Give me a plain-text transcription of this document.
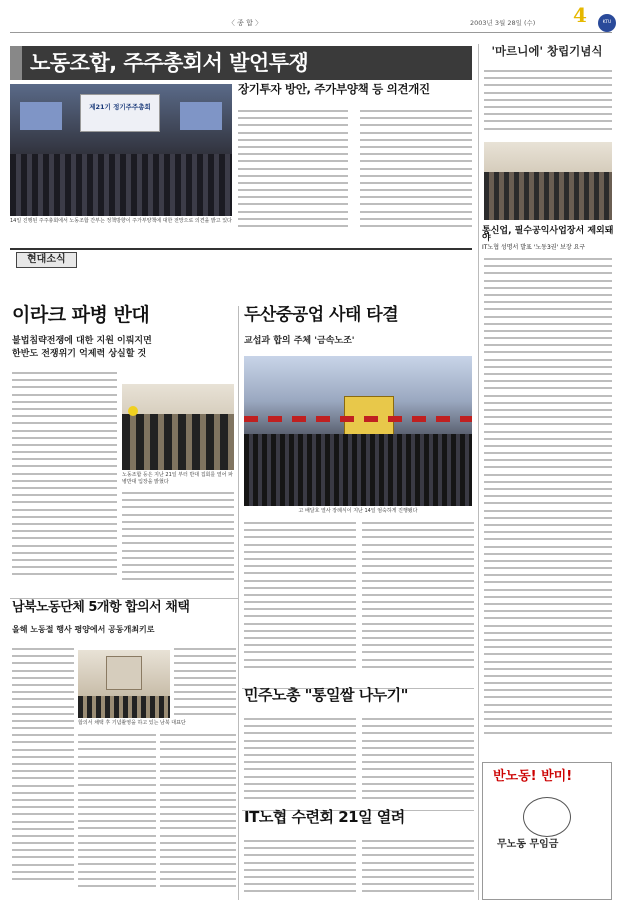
〈 종 합 〉	2003년 3월 28일 (수) 4	KTU
노동조합, 주주총회서 발언투쟁
제21기 정기주주총회
14일 진행된 주주총회에서 노동조합 간부는 정책방향이 주가부양책에 대한 전망으로 의견을 밝고 있다
장기투자 방안, 주가부양책 등 의견개진
'마르니에' 창립기념식
통신업, 필수공익사업장서 제외돼야
IT노협 성명서 발표 '노동3권' 보장 요구
반노동! 반미!
무노동 무임금
현대소식
이라크 파병 반대
불법침략전쟁에 대한 지원 이뤄지면
한반도 전쟁위기 억제력 상실할 것
노동조합 등은 지난 21일 부터 반대 집회를 열어 파병반대 입장을 밝혔다
두산중공업 사태 타결
교섭과 합의 주체 '금속노조'
고 배달호 열사 장례식이 지난 14일 엄숙하게 진행됐다
남북노동단체 5개항 합의서 채택
올해 노동절 행사 평양에서 공동개최키로
합의서 채택 후 기념촬영을 하고 있는 남북 대표단
민주노총 "통일쌀 나누기"
IT노협 수련회 21일 열려
